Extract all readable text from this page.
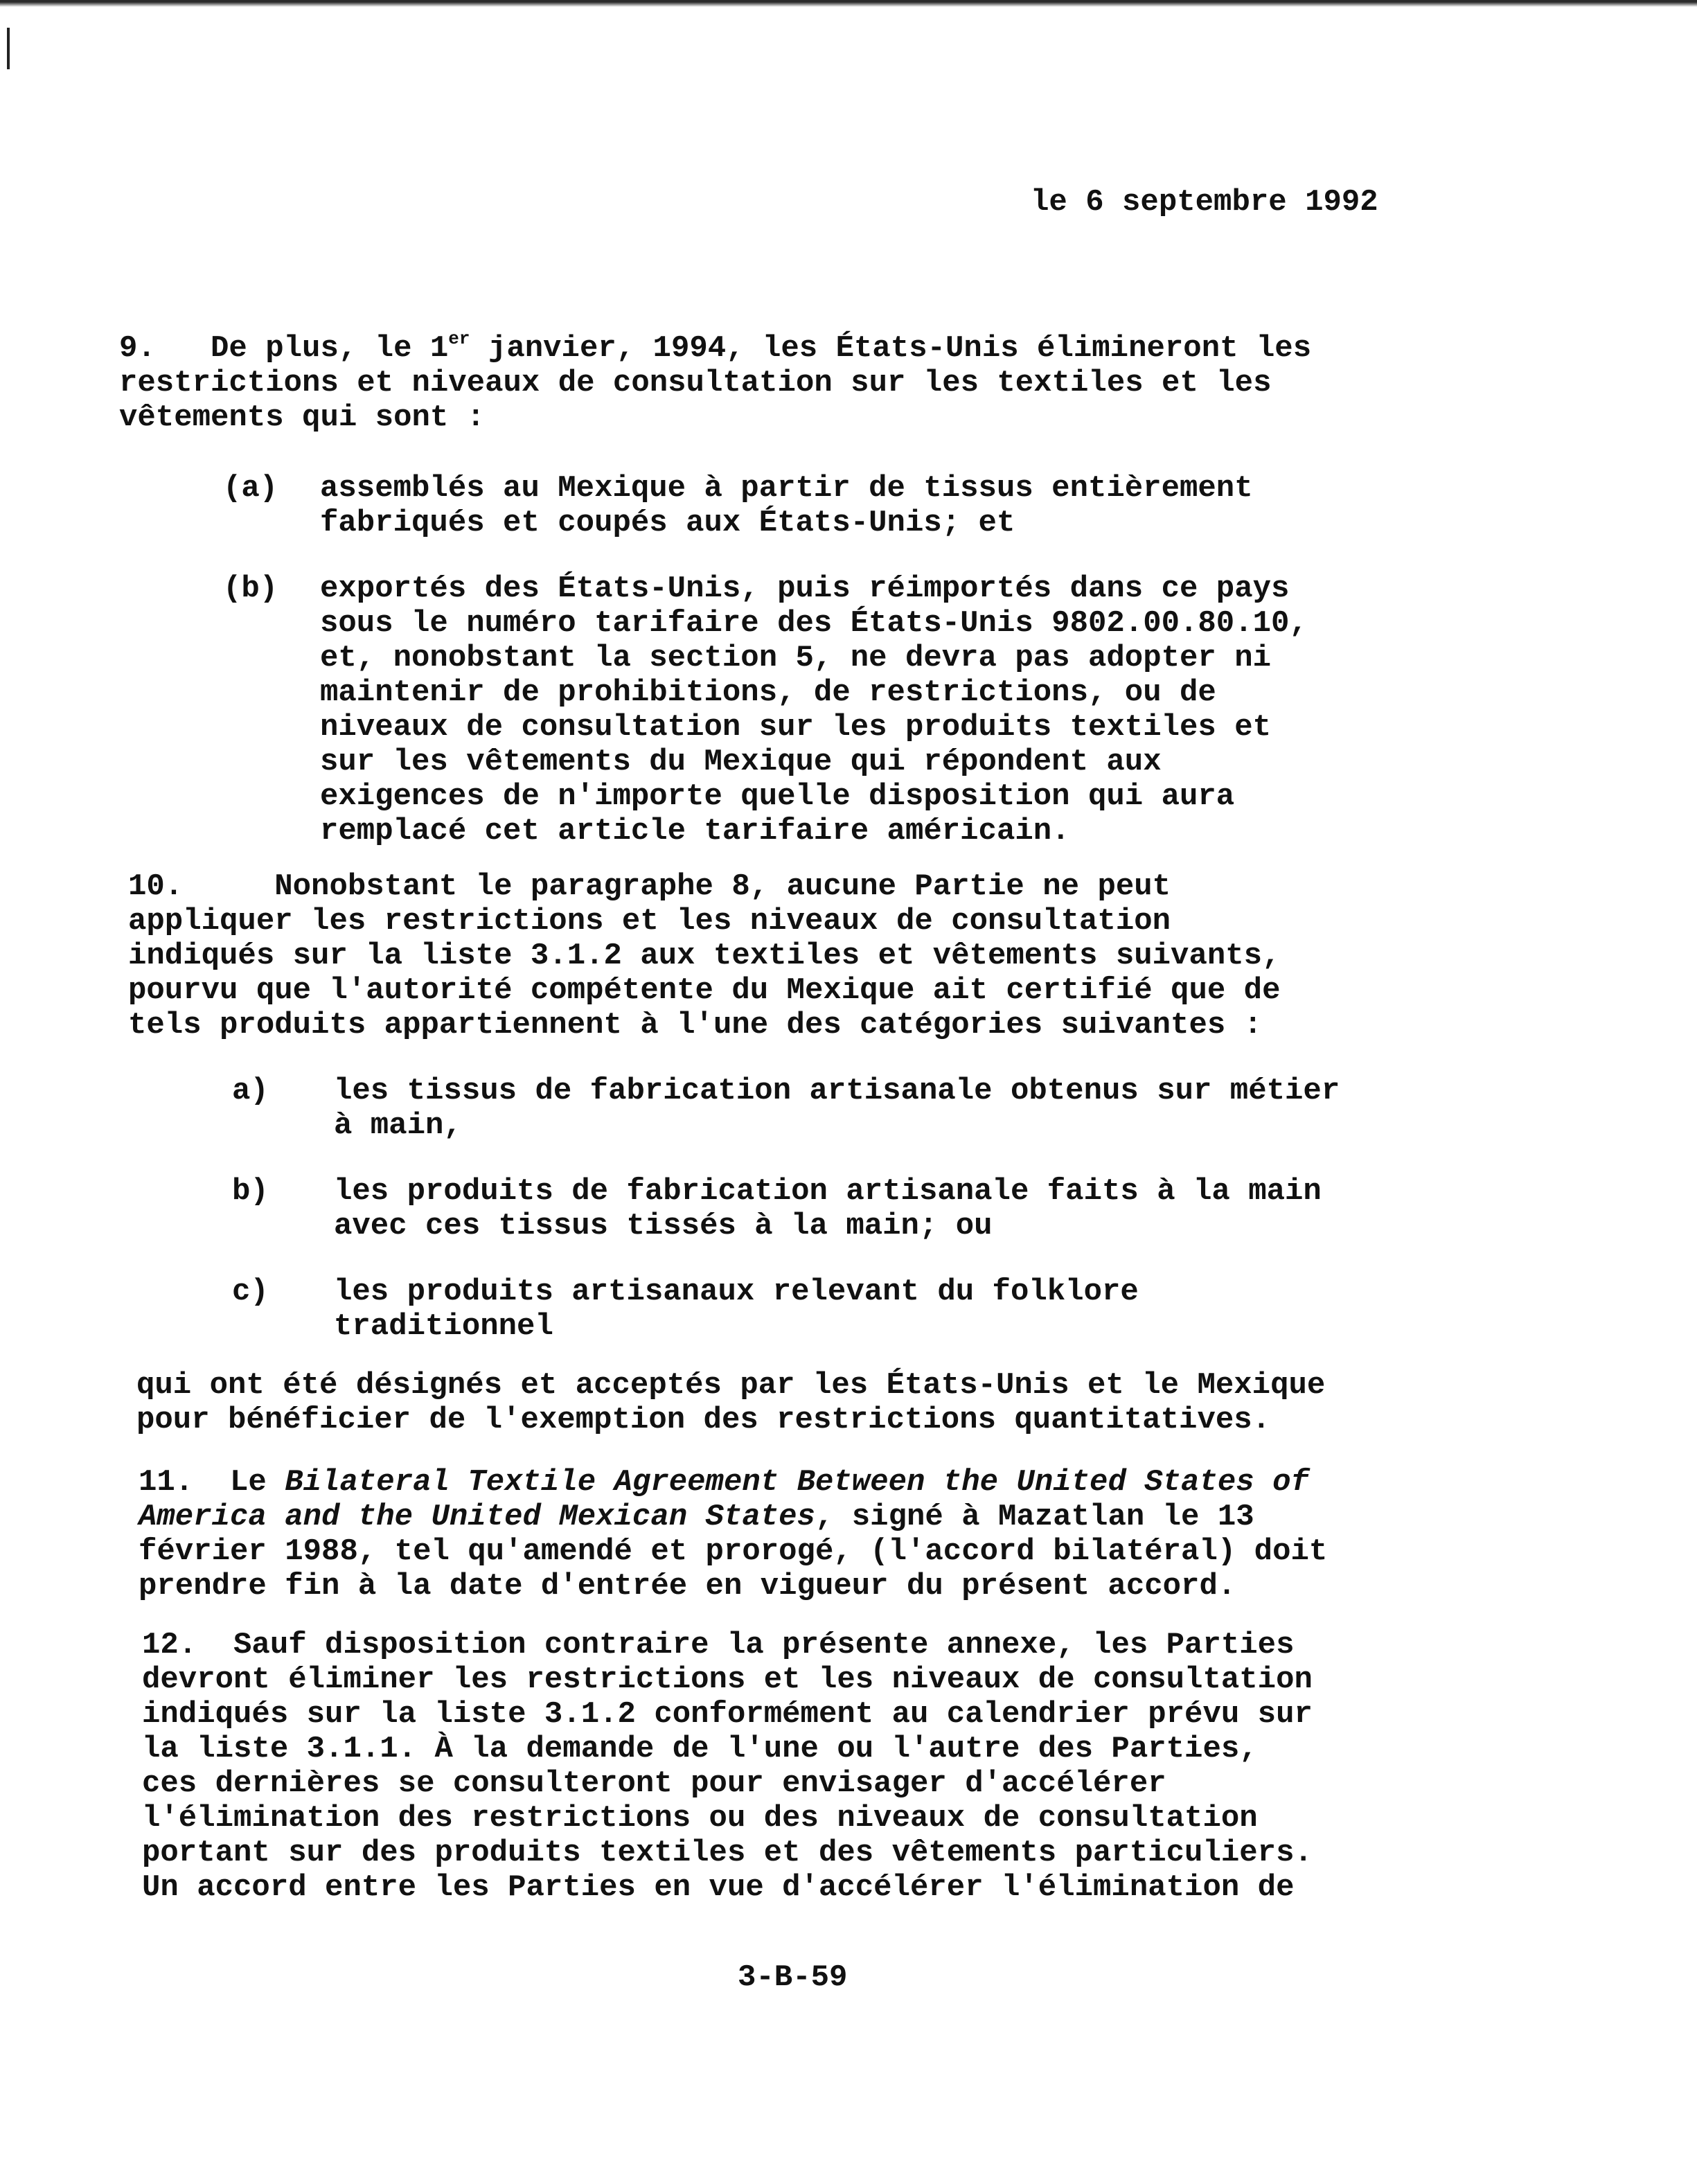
le 6 septembre 1992
9. De plus, le 1er janvier, 1994, les États-Unis élimineront les
restrictions et niveaux de consultation sur les textiles et les
vêtements qui sont :
(a) assemblés au Mexique à partir de tissus entièrement
fabriqués et coupés aux États-Unis; et
(b) exportés des États-Unis, puis réimportés dans ce pays
sous le numéro tarifaire des États-Unis 9802.00.80.10,
et, nonobstant la section 5, ne devra pas adopter ni
maintenir de prohibitions, de restrictions, ou de
niveaux de consultation sur les produits textiles et
sur les vêtements du Mexique qui répondent aux
exigences de n'importe quelle disposition qui aura
remplacé cet article tarifaire américain.
10.	Nonobstant le paragraphe 8, aucune Partie ne peut
appliquer les restrictions et les niveaux de consultation
indiqués sur la liste 3.1.2 aux textiles et vêtements suivants,
pourvu que l'autorité compétente du Mexique ait certifié que de
tels produits appartiennent à l'une des catégories suivantes :
a) les tissus de fabrication artisanale obtenus sur métier
à main,
b) les produits de fabrication artisanale faits à la main
avec ces tissus tissés à la main; ou
c) les produits artisanaux relevant du folklore
traditionnel
qui ont été désignés et acceptés par les États-Unis et le Mexique
pour bénéficier de l'exemption des restrictions quantitatives.
11. Le Bilateral Textile Agreement Between the United States of
America and the United Mexican States, signé à Mazatlan le 13
février 1988, tel qu'amendé et prorogé, (l'accord bilatéral) doit
prendre fin à la date d'entrée en vigueur du présent accord.
12. Sauf disposition contraire la présente annexe, les Parties
devront éliminer les restrictions et les niveaux de consultation
indiqués sur la liste 3.1.2 conformément au calendrier prévu sur
la liste 3.1.1. À la demande de l'une ou l'autre des Parties,
ces dernières se consulteront pour envisager d'accélérer
l'élimination des restrictions ou des niveaux de consultation
portant sur des produits textiles et des vêtements particuliers.
Un accord entre les Parties en vue d'accélérer l'élimination de
3-B-59
